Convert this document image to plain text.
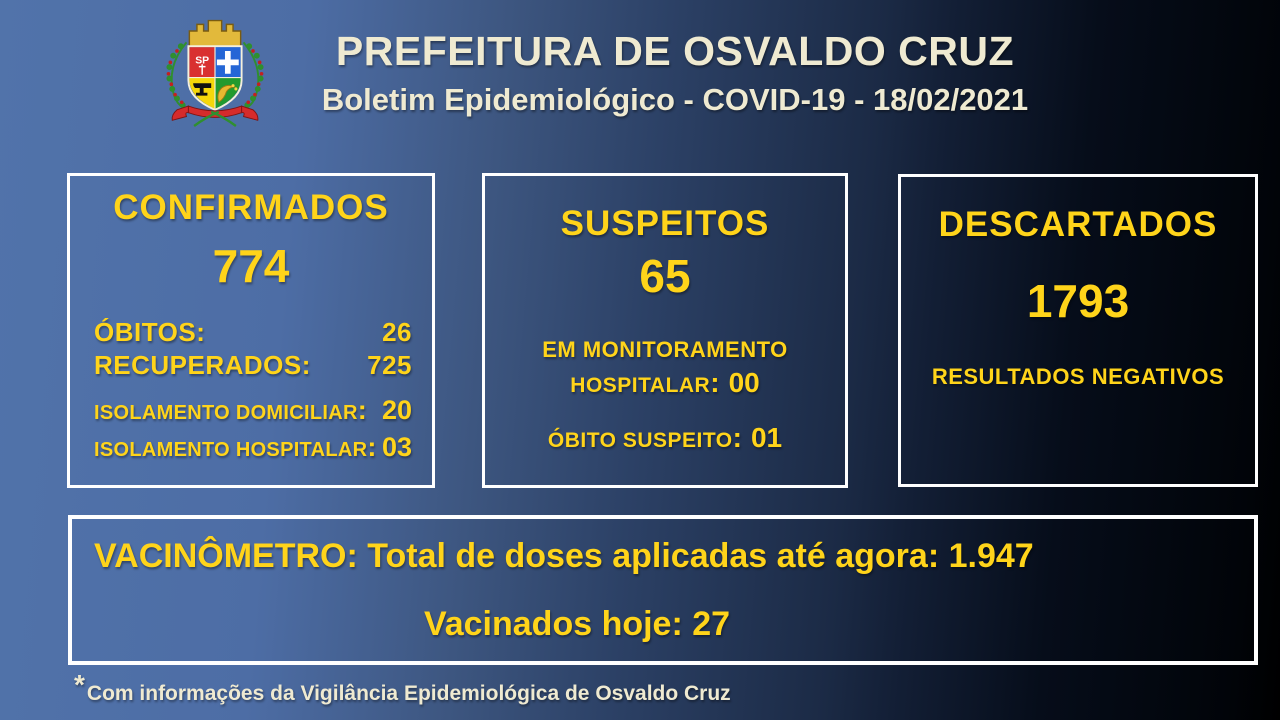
SP	PREFEITURA DE OSVALDO CRUZ
Boletim Epidemiológico - COVID-19 - 18/02/2021
CONFIRMADOS
774
ÓBITOS:	26
RECUPERADOS: 725
ISOLAMENTO DOMICILIAR: 20
ISOLAMENTO HOSPITALAR: 03
SUSPEITOS
65
EM MONITORAMENTO
HOSPITALAR: 00
ÓBITO SUSPEITO: 01
DESCARTADOS
1793
RESULTADOS NEGATIVOS
VACINÔMETRO: Total de doses aplicadas até agora: 1.947
Vacinados hoje: 27
*Com informações da Vigilância Epidemiológica de Osvaldo Cruz
